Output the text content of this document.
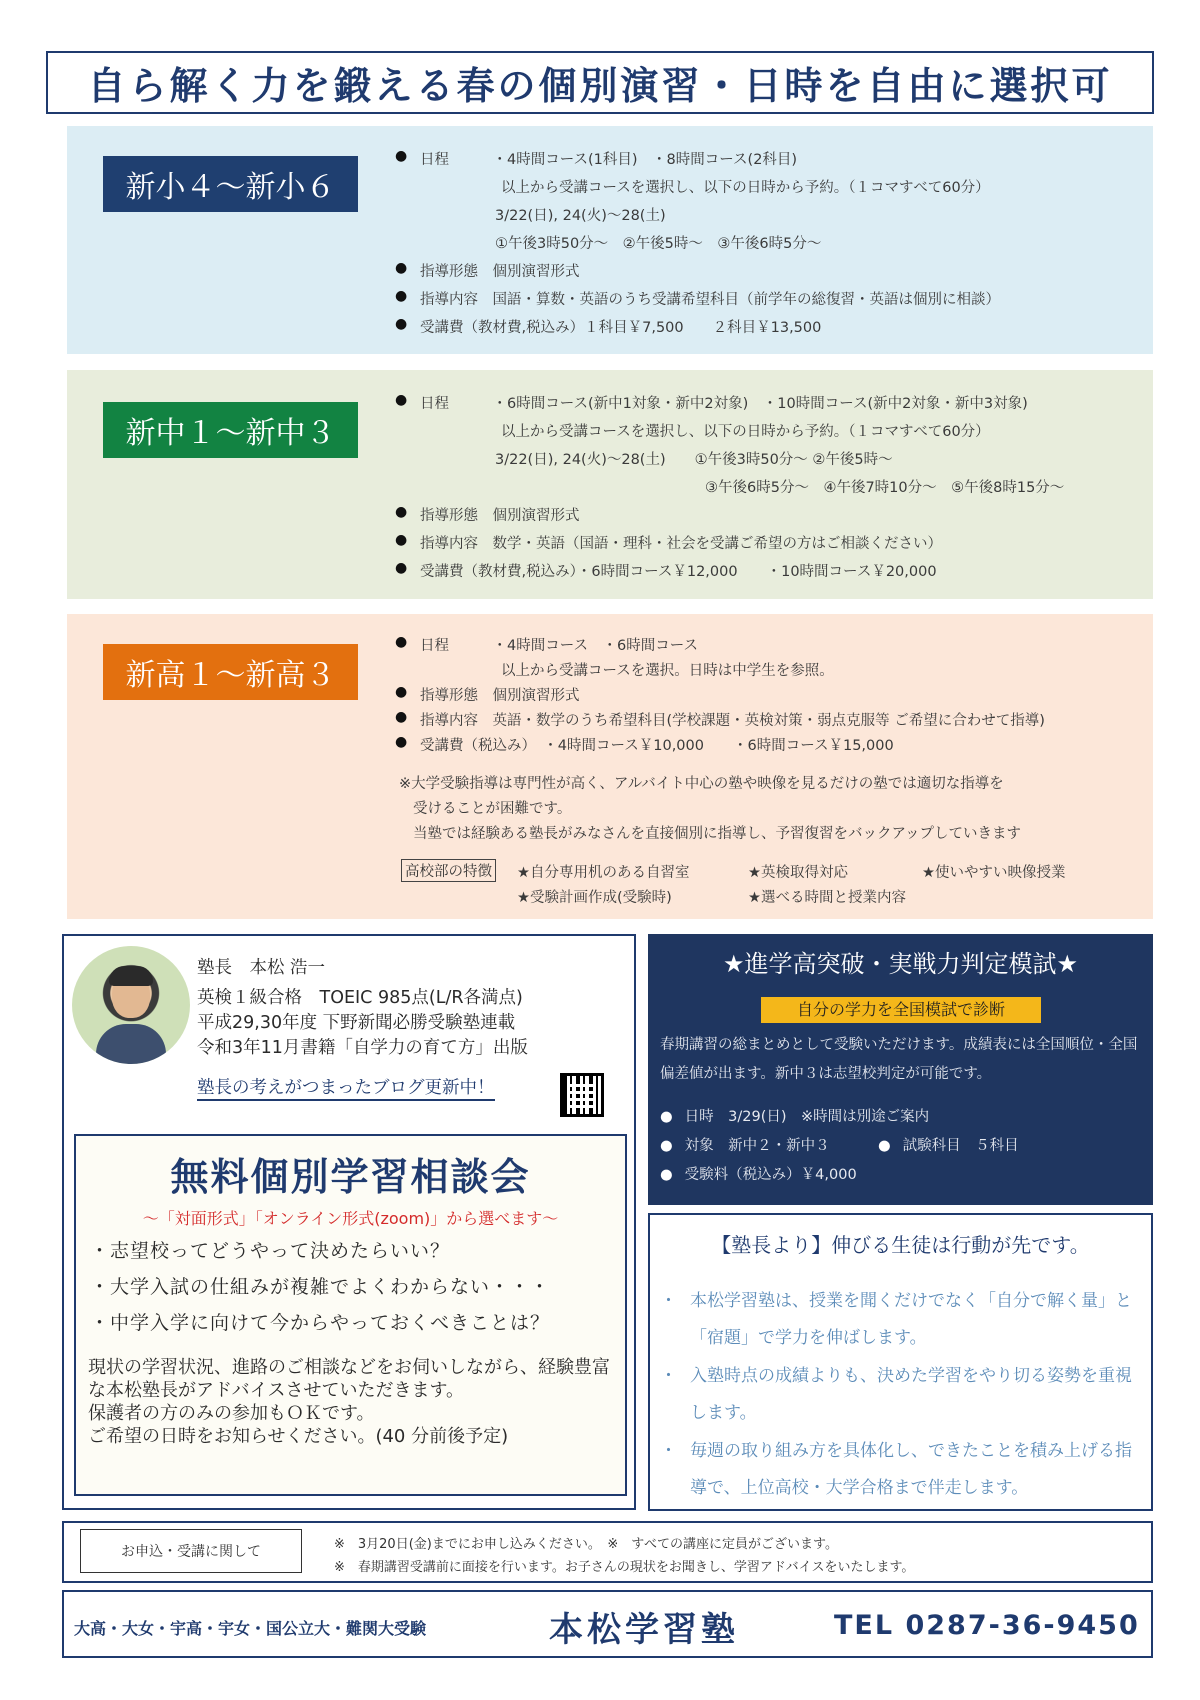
自ら解く力を鍛える春の個別演習・日時を自由に選択可
新小４〜新小６
● 日程　　　・4時間コース(1科目)　・8時間コース(2科目)
以上から受講コースを選択し、以下の日時から予約。（１コマすべて60分）
3/22(日), 24(火)〜28(土)
①午後3時50分〜　②午後5時〜　③午後6時5分〜
● 指導形態　個別演習形式
● 指導内容　国語・算数・英語のうち受講希望科目（前学年の総復習・英語は個別に相談）
● 受講費（教材費,税込み）１科目￥7,500　　２科目￥13,500
新中１〜新中３
● 日程　　　・6時間コース(新中1対象・新中2対象)　・10時間コース(新中2対象・新中3対象)
以上から受講コースを選択し、以下の日時から予約。（１コマすべて60分）
3/22(日), 24(火)〜28(土)　　①午後3時50分〜 ②午後5時〜
③午後6時5分〜　④午後7時10分〜　⑤午後8時15分〜
● 指導形態　個別演習形式
● 指導内容　数学・英語（国語・理科・社会を受講ご希望の方はご相談ください）
● 受講費（教材費,税込み）・6時間コース￥12,000　　・10時間コース￥20,000
新高１〜新高３
● 日程　　　・4時間コース　・6時間コース
以上から受講コースを選択。日時は中学生を参照。
● 指導形態　個別演習形式
● 指導内容　英語・数学のうち希望科目(学校課題・英検対策・弱点克服等 ご希望に合わせて指導)
● 受講費（税込み）　・4時間コース￥10,000　　・6時間コース￥15,000
※大学受験指導は専門性が高く、アルバイト中心の塾や映像を見るだけの塾では適切な指導を
受けることが困難です。
当塾では経験ある塾長がみなさんを直接個別に指導し、予習復習をバックアップしていきます
高校部の特徴 ★自分専用机のある自習室	★英検取得対応	★使いやすい映像授業
★受験計画作成(受験時)	★選べる時間と授業内容
塾長　本松 浩一
英検１級合格　TOEIC 985点(L/R各満点)
平成29,30年度 下野新聞必勝受験塾連載
令和3年11月書籍「自学力の育て方」出版
塾長の考えがつまったブログ更新中！
無料個別学習相談会
〜「対面形式」「オンライン形式(zoom)」から選べます〜
・志望校ってどうやって決めたらいい？
・大学入試の仕組みが複雑でよくわからない・・・
・中学入学に向けて今からやっておくべきことは？
現状の学習状況、進路のご相談などをお伺いしながら、経験豊富な本松塾長がアドバイスさせていただきます。
保護者の方のみの参加もＯＫです。
ご希望の日時をお知らせください。(40 分前後予定)
★進学高突破・実戦力判定模試★
自分の学力を全国模試で診断
春期講習の総まとめとして受験いただけます。成績表には全国順位・全国偏差値が出ます。新中３は志望校判定が可能です。
● 日時　3/29(日)　※時間は別途ご案内
● 対象　新中２・新中３
●	試験科目　５科目
● 受験料（税込み）￥4,000
【塾長より】伸びる生徒は行動が先です。
・ 本松学習塾は、授業を聞くだけでなく「自分で解く量」と「宿題」で学力を伸ばします。
・ 入塾時点の成績よりも、決めた学習をやり切る姿勢を重視します。
・ 毎週の取り組み方を具体化し、できたことを積み上げる指導で、上位高校・大学合格まで伴走します。
お申込・受講に関して	※　3月20日(金)までにお申し込みください。　※　すべての講座に定員がございます。
※　春期講習受講前に面接を行います。お子さんの現状をお聞きし、学習アドバイスをいたします。
大高・大女・宇高・宇女・国公立大・難関大受験	本松学習塾	TEL 0287-36-9450
